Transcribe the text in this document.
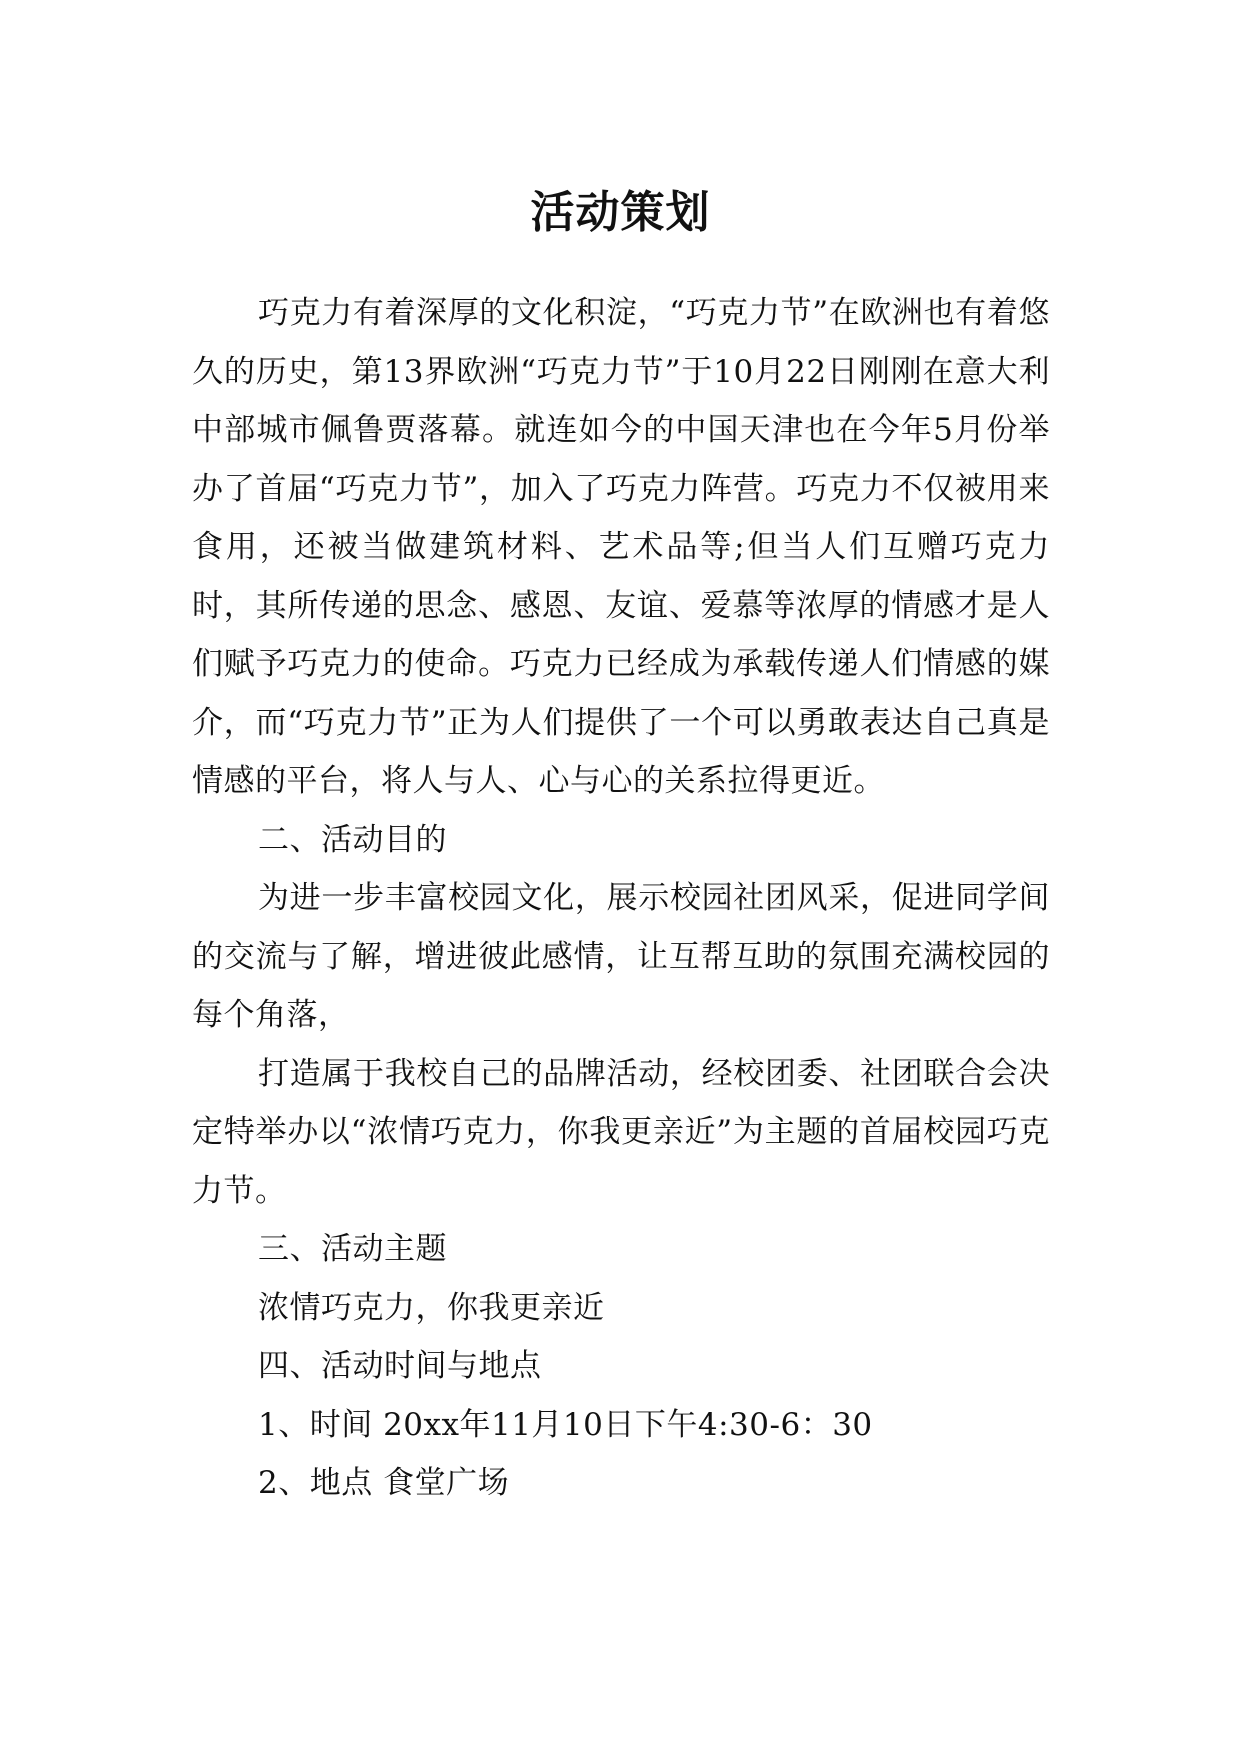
活动策划

巧克力有着深厚的文化积淀，“巧克力节”在欧洲也有着悠久的历史，第13界欧洲“巧克力节”于10月22日刚刚在意大利中部城市佩鲁贾落幕。就连如今的中国天津也在今年5月份举办了首届“巧克力节”，加入了巧克力阵营。巧克力不仅被用来食用，还被当做建筑材料、艺术品等;但当人们互赠巧克力时，其所传递的思念、感恩、友谊、爱慕等浓厚的情感才是人们赋予巧克力的使命。巧克力已经成为承载传递人们情感的媒介，而“巧克力节”正为人们提供了一个可以勇敢表达自己真是情感的平台，将人与人、心与心的关系拉得更近。

二、活动目的

为进一步丰富校园文化，展示校园社团风采，促进同学间的交流与了解，增进彼此感情，让互帮互助的氛围充满校园的每个角落，

打造属于我校自己的品牌活动，经校团委、社团联合会决定特举办以“浓情巧克力，你我更亲近”为主题的首届校园巧克力节。

三、活动主题

浓情巧克力，你我更亲近

四、活动时间与地点

1、时间 20xx年11月10日下午4:30-6：30

2、地点 食堂广场
